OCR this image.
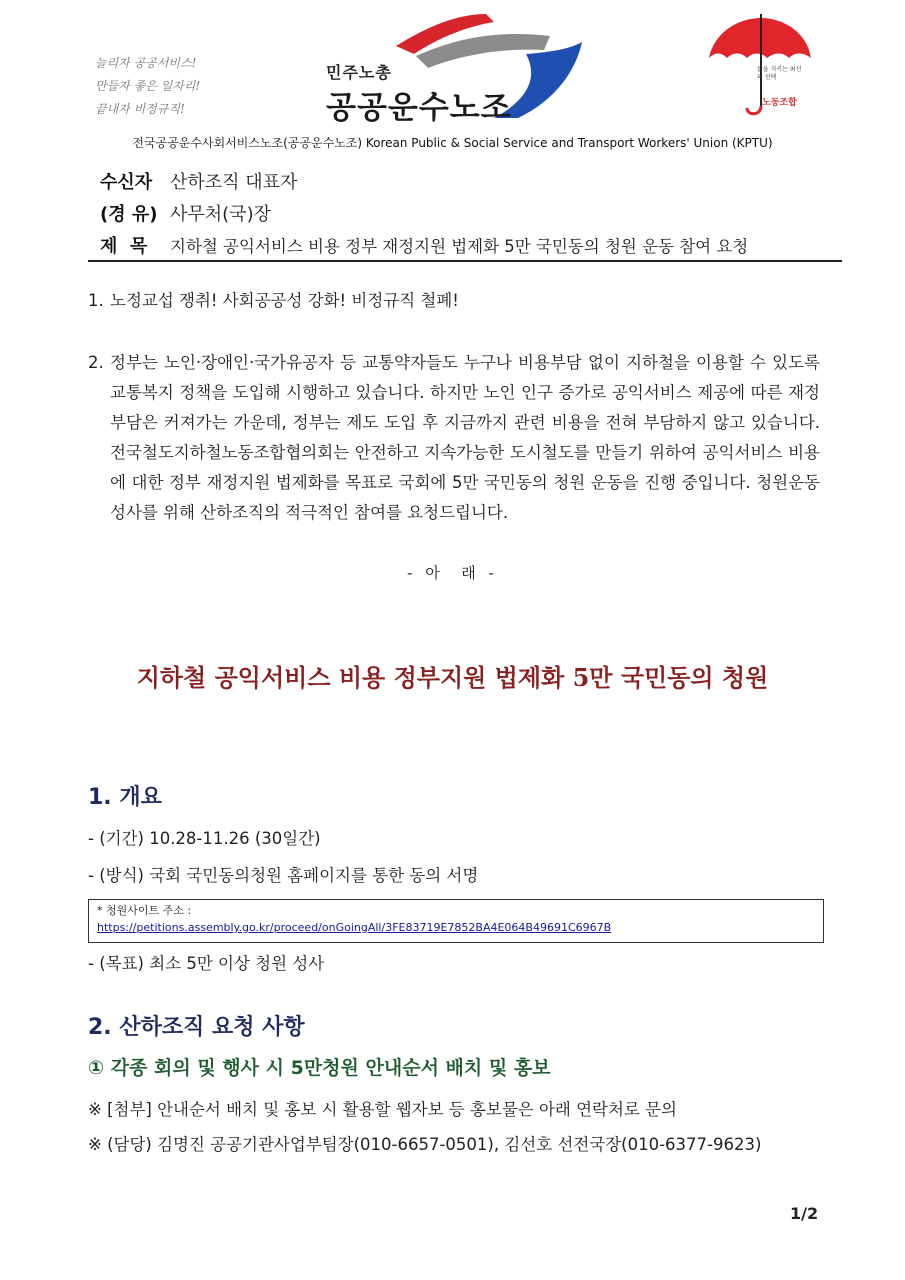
늘리자 공공서비스!
만들자 좋은 일자리!
끝내자 비정규직!
민주노총
공공운수노조
삶을 지키는 최선의 선택
노동조합
전국공공운수사회서비스노조(공공운수노조) Korean Public & Social Service and Transport Workers' Union (KPTU)
수신자 산하조직 대표자
(경 유) 사무처(국)장
제  목 지하철 공익서비스 비용 정부 재정지원 법제화 5만 국민동의 청원 운동 참여 요청
1. 노정교섭 쟁취! 사회공공성 강화! 비정규직 철폐!
2. 정부는 노인·장애인·국가유공자 등 교통약자들도 누구나 비용부담 없이 지하철을 이용할 수 있도록 교통복지 정책을 도입해 시행하고 있습니다. 하지만 노인 인구 증가로 공익서비스 제공에 따른 재정 부담은 커져가는 가운데, 정부는 제도 도입 후 지금까지 관련 비용을 전혀 부담하지 않고 있습니다. 전국철도지하철노동조합협의회는 안전하고 지속가능한 도시철도를 만들기 위하여 공익서비스 비용에 대한 정부 재정지원 법제화를 목표로 국회에 5만 국민동의 청원 운동을 진행 중입니다. 청원운동 성사를 위해 산하조직의 적극적인 참여를 요청드립니다.
- 아  래 -
지하철 공익서비스 비용 정부지원 법제화 5만 국민동의 청원
1. 개요
- (기간) 10.28-11.26 (30일간)
- (방식) 국회 국민동의청원 홈페이지를 통한 동의 서명
* 청원사이트 주소 :
https://petitions.assembly.go.kr/proceed/onGoingAll/3FE83719E7852BA4E064B49691C6967B
- (목표) 최소 5만 이상 청원 성사
2. 산하조직 요청 사항
① 각종 회의 및 행사 시 5만청원 안내순서 배치 및 홍보
※ [첨부] 안내순서 배치 및 홍보 시 활용할 웹자보 등 홍보물은 아래 연락처로 문의
※ (담당) 김명진 공공기관사업부팀장(010-6657-0501), 김선호 선전국장(010-6377-9623)
1/2
